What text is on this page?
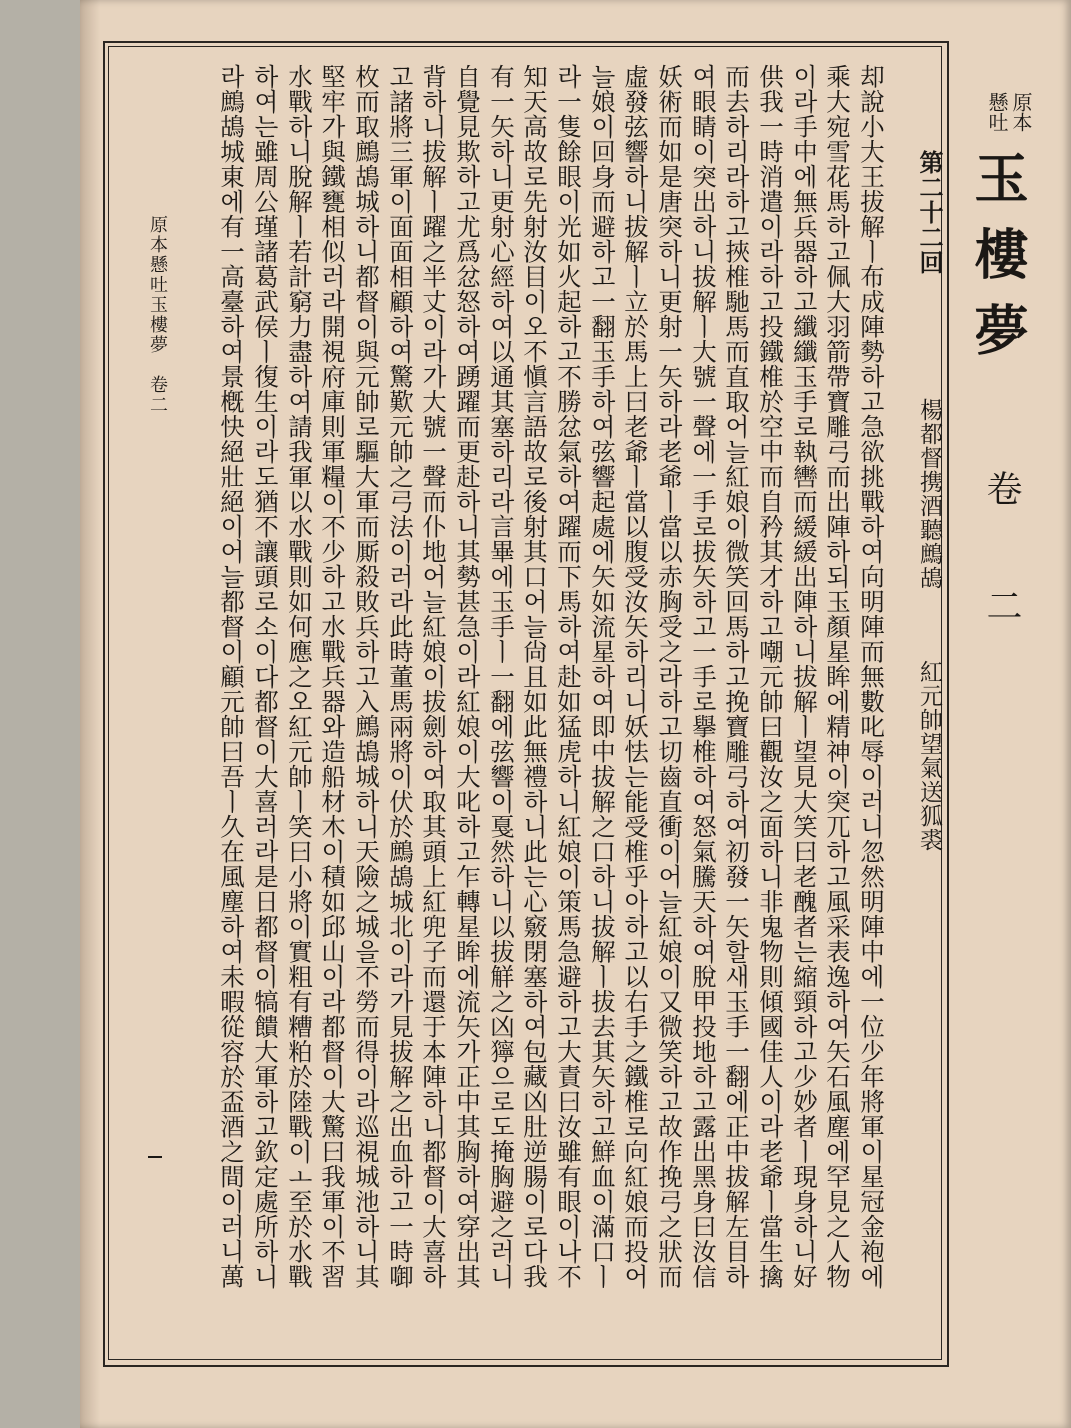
原本
懸吐
玉樓夢
卷 二
第二十二回
楊都督携酒聽鷓鴣
紅元帥望氣送狐裘
却說小大王拔解ㅣ布成陣勢하고急欲挑戰하여向明陣而無數叱辱이러니忽然明陣中에一位少年將軍이星冠金袍에
乘大宛雪花馬하고佩大羽箭帶寶雕弓而出陣하되玉顏星眸에精神이突兀하고風采表逸하여矢石風塵에罕見之人物
이라手中에無兵器하고纖纖玉手로執轡而緩緩出陣하니拔解ㅣ望見大笑曰老醜者는縮頸하고少妙者ㅣ現身하니好
供我一時消遣이라하고投鐵椎於空中而自矜其才하고嘲元帥曰觀汝之面하니非鬼物則傾國佳人이라老爺ㅣ當生擒
而去하리라하고挾椎馳馬而直取어늘紅娘이微笑回馬하고挽寶雕弓하여初發一矢할새玉手一翻에正中拔解左目하
여眼睛이突出하니拔解ㅣ大號一聲에一手로拔矢하고一手로擧椎하여怒氣騰天하여脫甲投地하고露出黑身曰汝信
妖術而如是唐突하니更射一矢하라老爺ㅣ當以赤胸受之라하고切齒直衝이어늘紅娘이又微笑하고故作挽弓之狀而
虛發弦響하니拔解ㅣ立於馬上曰老爺ㅣ當以腹受汝矢하리니妖怯는能受椎乎아하고以右手之鐵椎로向紅娘而投어
늘娘이回身而避하고一翻玉手하여弦響起處에矢如流星하여即中拔解之口하니拔解ㅣ拔去其矢하고鮮血이滿口ㅣ
라一隻餘眼이光如火起하고不勝忿氣하여躍而下馬하여赴如猛虎하니紅娘이策馬急避하고大責曰汝雖有眼이나不
知天高故로先射汝目이오不愼言語故로後射其口어늘尙且如此無禮하니此는心竅閉塞하여包藏凶肚逆腸이로다我
有一矢하니更射心經하여以通其塞하리라言畢에玉手ㅣ一翻에弦響이戛然하니以拔觧之凶獰으로도掩胸避之러니
自覺見欺하고尤爲忿怒하여踴躍而更赴하니其勢甚急이라紅娘이大叱하고乍轉星眸에流矢가正中其胸하여穿出其
背하니拔解ㅣ躍之半丈이라가大號一聲而仆地어늘紅娘이拔劍하여取其頭上紅兜子而還于本陣하니都督이大喜하
고諸將三軍이面面相顧하여驚歎元帥之弓法이러라此時董馬兩將이伏於鷓鴣城北이라가見拔解之出血하고一時啣
枚而取鷓鴣城하니都督이與元帥로驅大軍而厮殺敗兵하고入鷓鴣城하니天險之城을不勞而得이라巡視城池하니其
堅牢가與鐵甕相似러라開視府庫則軍糧이不少하고水戰兵器와造船材木이積如邱山이라都督이大驚曰我軍이不習
水戰하니脫解ㅣ若計窮力盡하여請我軍以水戰則如何應之오紅元帥ㅣ笑曰小將이實粗有糟粕於陸戰이ㅗ至於水戰
하여는雖周公瑾諸葛武侯ㅣ復生이라도猶不讓頭로소이다都督이大喜러라是日都督이犒饋大軍하고欽定處所하니
라鷓鴣城東에有一高臺하여景槪快絕壯絕이어늘都督이顧元帥曰吾ㅣ久在風塵하여未暇從容於盃酒之間이러니萬
原本懸吐玉樓夢　卷二
